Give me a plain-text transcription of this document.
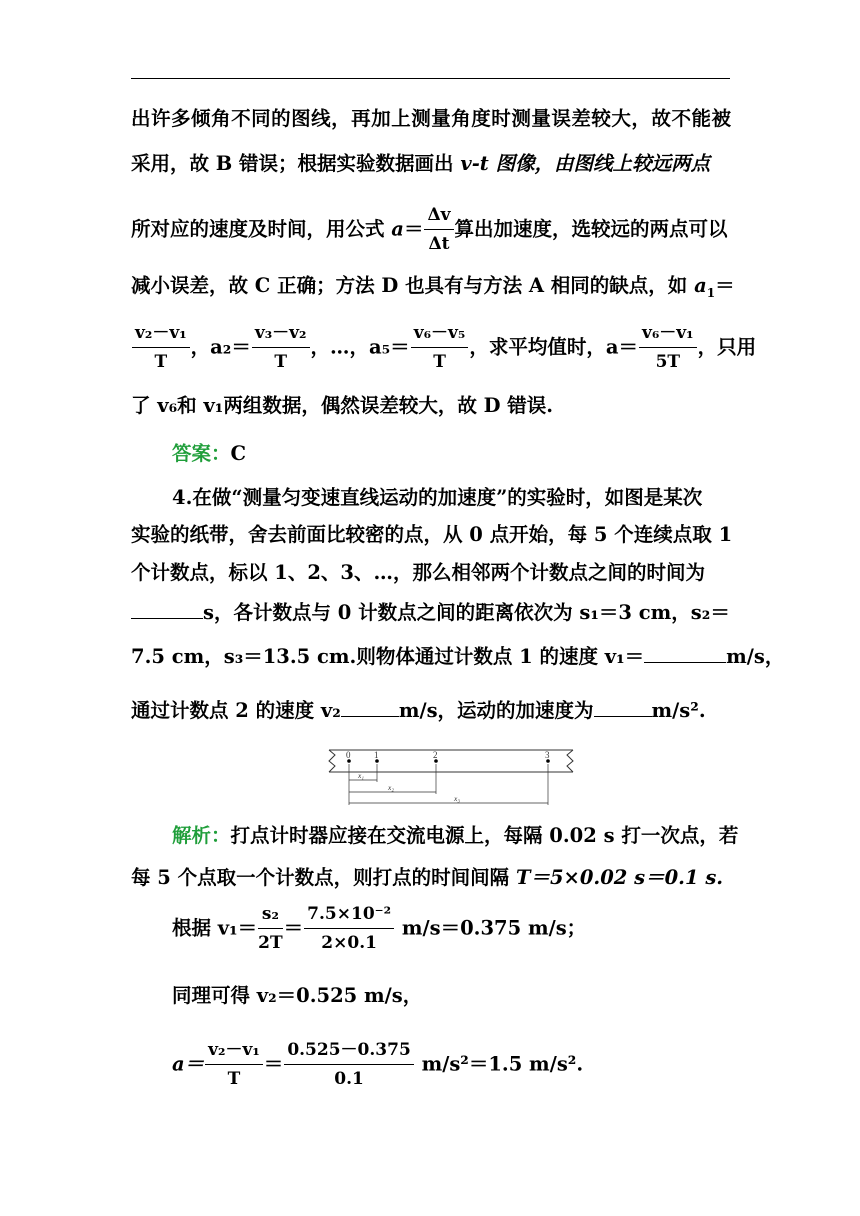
出许多倾角不同的图线，再加上测量角度时测量误差较大，故不能被
采用，故 B 错误；根据实验数据画出 v-t 图像，由图线上较远两点
所对应的速度及时间，用公式 $a= \frac{\Delta v}{\Delta t}$ 算出加速度，选较远的两点可以
减小误差，故 C 正确；方法 D 也具有与方法 A 相同的缺点，如 $a_1=$
$\frac{\text{v₂－v₁}}{T}$ ，$a_2= \frac{\text{v₃－v₂}}{T}$ ，…，$a_5= \frac{\text{v₆－v₅}}{T}$ ，求平均值时，$a= \frac{\text{v₆－v₁}}{5T}$ ，只用
了 v₆和 v₁两组数据，偶然误差较大，故 D 错误.
答案：C
4.在做“测量匀变速直线运动的加速度”的实验时，如图是某次
实验的纸带，舍去前面比较密的点，从 0 点开始，每 5 个连续点取 1
个计数点，标以 1、2、3、…，那么相邻两个计数点之间的时间为
s，各计数点与 0 计数点之间的距离依次为 s₁＝3 cm，s₂＝
7.5 cm，s₃＝13.5 cm.则物体通过计数点 1 的速度 v₁＝	m/s，
通过计数点 2 的速度 v₂	m/s，运动的加速度为	m/s².
0	1	2	3
x₁
x₂
x₃
解析：打点计时器应接在交流电源上，每隔 0.02 s 打一次点，若
每 5 个点取一个计数点，则打点的时间间隔 T＝5×0.02 s＝0.1 s.
根据 $v_1= \frac{\text{s₂}}{2T} = \frac{\text{7.5×10⁻²}}{2\times 0.1} m/s=0.375$ m/s；
同理可得 v₂＝0.525 m/s，
$a= \frac{\text{v₂－v₁}}{T} = \frac{0.525-0.375}{0.1} m/s^2=1.5$ m/s².
